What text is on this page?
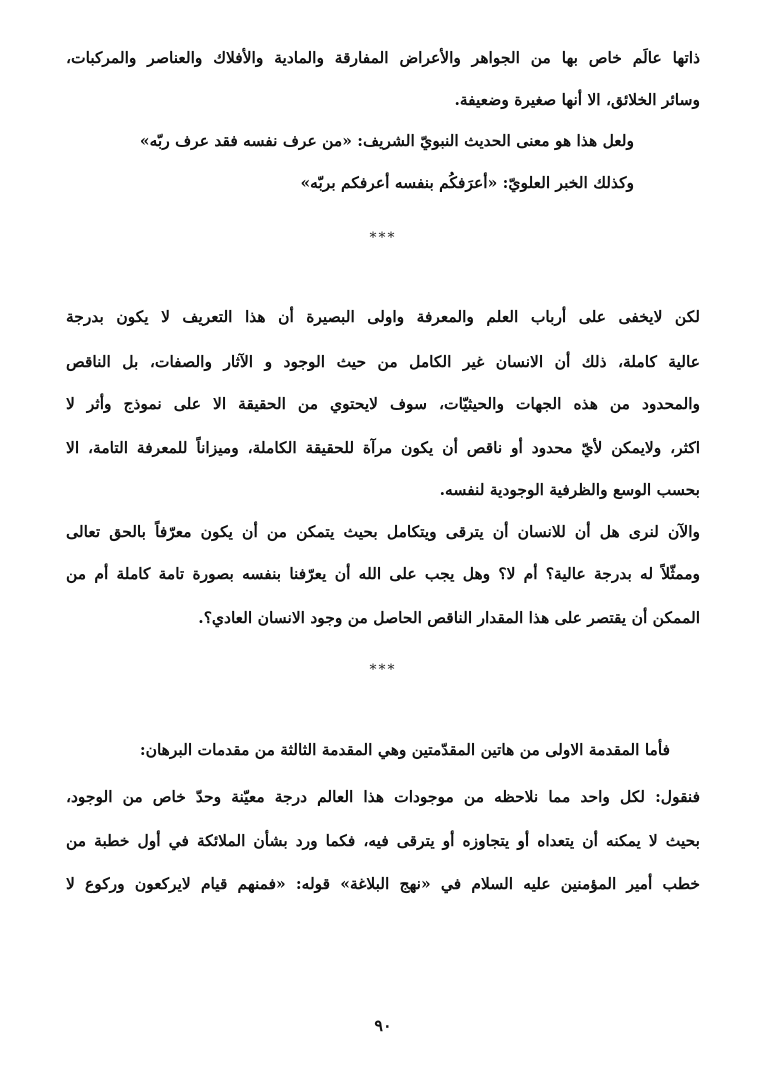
ذاتها عالَم خاص بها من الجواهر والأعراض المفارقة والمادية والأفلاك والعناصر والمركبات،
وسائر الخلائق، الا أنها صغيرة وضعيفة.
ولعل هذا هو معنى الحديث النبويّ الشريف: «من عرف نفسه فقد عرف ربّه»
وكذلك الخبر العلويّ: «أعرَفكُم بنفسه أعرفكم بربّه»
***
لكن لايخفى على أرباب العلم والمعرفة واولى البصيرة أن هذا التعريف لا يكون بدرجة
عالية كاملة، ذلك أن الانسان غير الكامل من حيث الوجود و الآثار والصفات، بل الناقص
والمحدود من هذه الجهات والحيثيّات، سوف لايحتوي من الحقيقة الا على نموذج وأثر لا
اكثر، ولايمكن لأيّ محدود أو ناقص أن يكون مرآة للحقيقة الكاملة، وميزاناً للمعرفة التامة، الا
بحسب الوسع والظرفية الوجودية لنفسه.
والآن لنرى هل أن للانسان أن يترقى ويتكامل بحيث يتمكن من أن يكون معرّفاً بالحق تعالى
وممثّلاً له بدرجة عالية؟ أم لا؟ وهل يجب على الله أن يعرّفنا بنفسه بصورة تامة كاملة أم من
الممكن أن يقتصر على هذا المقدار الناقص الحاصل من وجود الانسان العادي؟.
***
فأما المقدمة الاولى من هاتين المقدّمتين وهي المقدمة الثالثة من مقدمات البرهان:
فنقول: لكل واحد مما نلاحظه من موجودات هذا العالم درجة معيّنة وحدّ خاص من الوجود،
بحيث لا يمكنه أن يتعداه أو يتجاوزه أو يترقى فيه، فكما ورد بشأن الملائكة في أول خطبة من
خطب أمير المؤمنين عليه السلام في «نهج البلاغة» قوله: «فمنهم قيام لايركعون وركوع لا
٩٠
